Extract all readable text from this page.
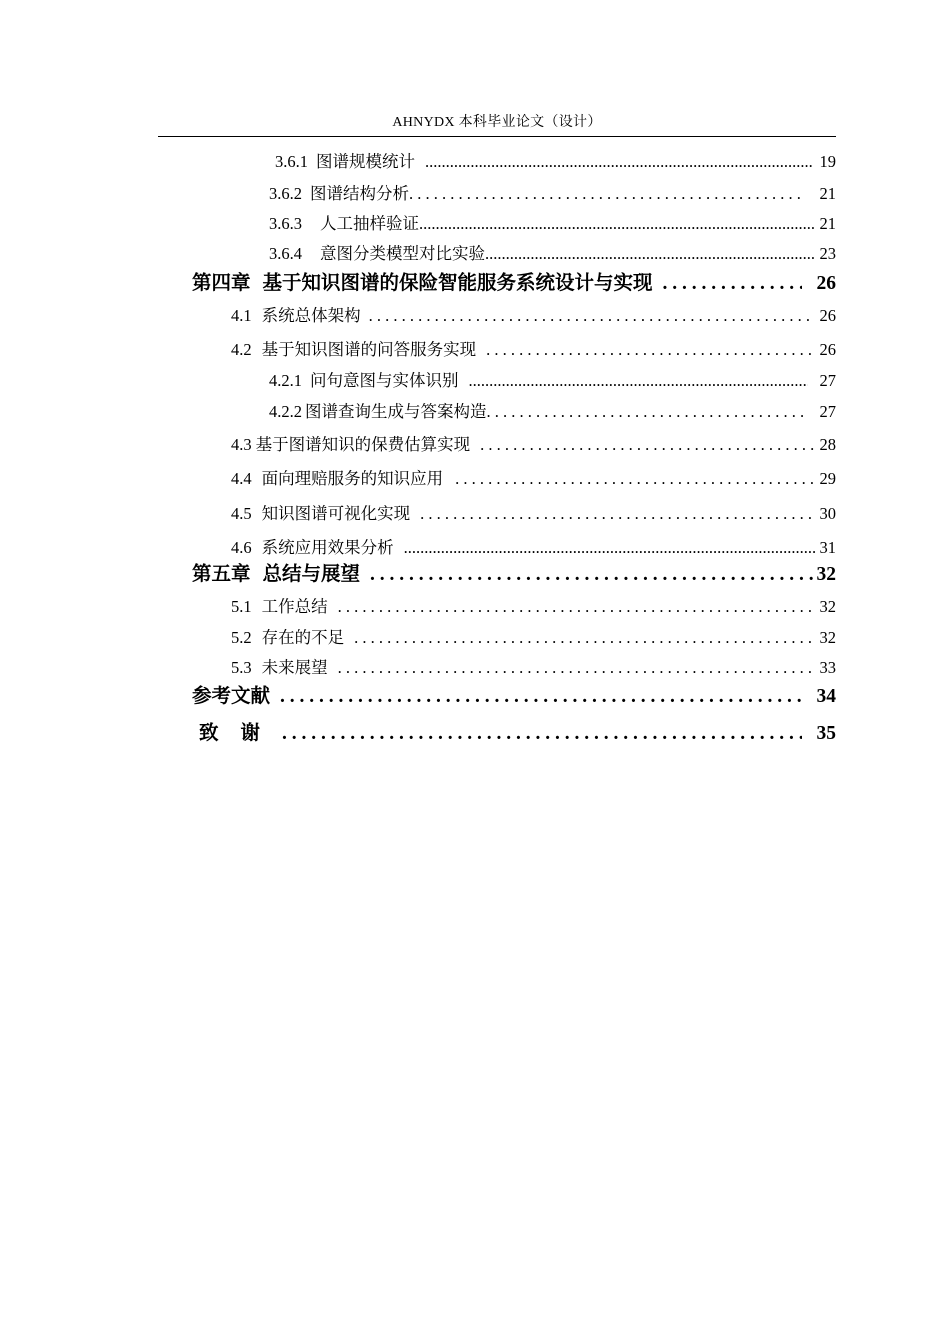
AHNYDX 本科毕业论文（设计）
3.6.1 图谱规模统计 .....	19
3.6.2 图谱结构分析 . . .	21
3.6.3 人工抽样验证 .....	21
3.6.4 意图分类模型对比实验 .....	23
第四章 基于知识图谱的保险智能服务系统设计与实现 . . .	26
4.1 系统总体架构 . . .	26
4.2 基于知识图谱的问答服务实现 . . .	26
4.2.1 问句意图与实体识别 .....	27
4.2.2 图谱查询生成与答案构造 . . .	27
4.3 基于图谱知识的保费估算实现 . . .	28
4.4 面向理赔服务的知识应用 . . .	29
4.5 知识图谱可视化实现 . . .	30
4.6 系统应用效果分析 .....	31
第五章 总结与展望 . . .	32
5.1 工作总结 . . .	32
5.2 存在的不足 . . .	32
5.3 未来展望 . . .	33
参考文献 . . .	34
致谢 . . .	35
